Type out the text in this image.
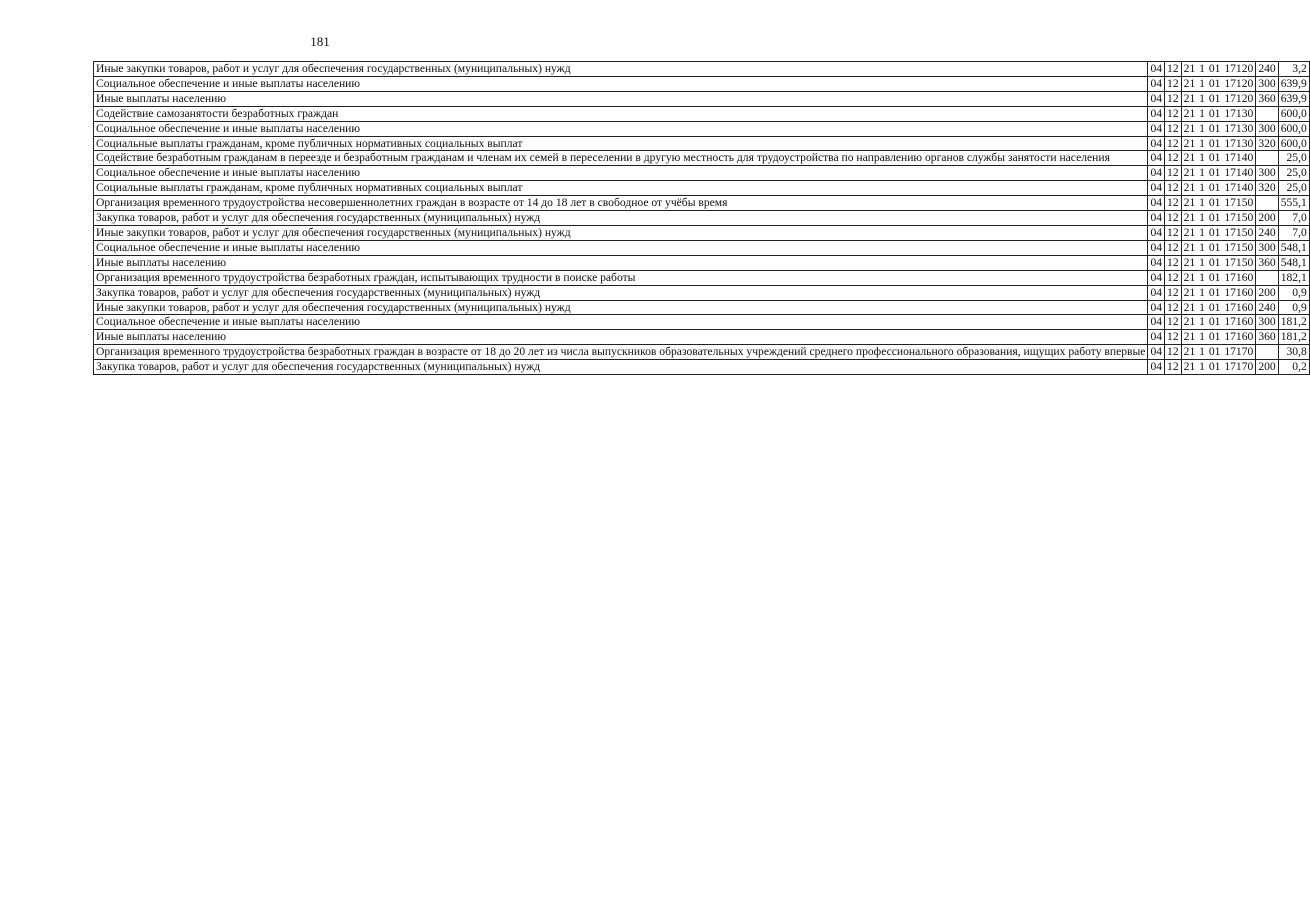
181
Иные закупки товаров, работ и услуг для обеспечения государственных (муниципальных) нужд	04	12	21 1 01 17120	240	3,2
Социальное обеспечение и иные выплаты населению	04	12	21 1 01 17120	300	639,9
Иные выплаты населению	04	12	21 1 01 17120	360	639,9
Содействие самозанятости безработных граждан	04	12	21 1 01 17130		600,0
Социальное обеспечение и иные выплаты населению	04	12	21 1 01 17130	300	600,0
Социальные выплаты гражданам, кроме публичных нормативных социальных выплат	04	12	21 1 01 17130	320	600,0
Содействие безработным гражданам в переезде и безработным гражданам и членам их семей в переселении в другую местность для трудоустройства по направлению органов службы занятости населения	04	12	21 1 01 17140		25,0
Социальное обеспечение и иные выплаты населению	04	12	21 1 01 17140	300	25,0
Социальные выплаты гражданам, кроме публичных нормативных социальных выплат	04	12	21 1 01 17140	320	25,0
Организация временного трудоустройства несовершеннолетних граждан в возрасте от 14 до 18 лет в свободное от учёбы время	04	12	21 1 01 17150		555,1
Закупка товаров, работ и услуг для обеспечения государственных (муниципальных) нужд	04	12	21 1 01 17150	200	7,0
Иные закупки товаров, работ и услуг для обеспечения государственных (муниципальных) нужд	04	12	21 1 01 17150	240	7,0
Социальное обеспечение и иные выплаты населению	04	12	21 1 01 17150	300	548,1
Иные выплаты населению	04	12	21 1 01 17150	360	548,1
Организация временного трудоустройства безработных граждан, испытывающих трудности в поиске работы	04	12	21 1 01 17160		182,1
Закупка товаров, работ и услуг для обеспечения государственных (муниципальных) нужд	04	12	21 1 01 17160	200	0,9
Иные закупки товаров, работ и услуг для обеспечения государственных (муниципальных) нужд	04	12	21 1 01 17160	240	0,9
Социальное обеспечение и иные выплаты населению	04	12	21 1 01 17160	300	181,2
Иные выплаты населению	04	12	21 1 01 17160	360	181,2
Организация временного трудоустройства безработных граждан в возрасте от 18 до 20 лет из числа выпускников образовательных учреждений среднего профессионального образования, ищущих работу впервые	04	12	21 1 01 17170		30,8
Закупка товаров, работ и услуг для обеспечения государственных (муниципальных) нужд	04	12	21 1 01 17170	200	0,2
